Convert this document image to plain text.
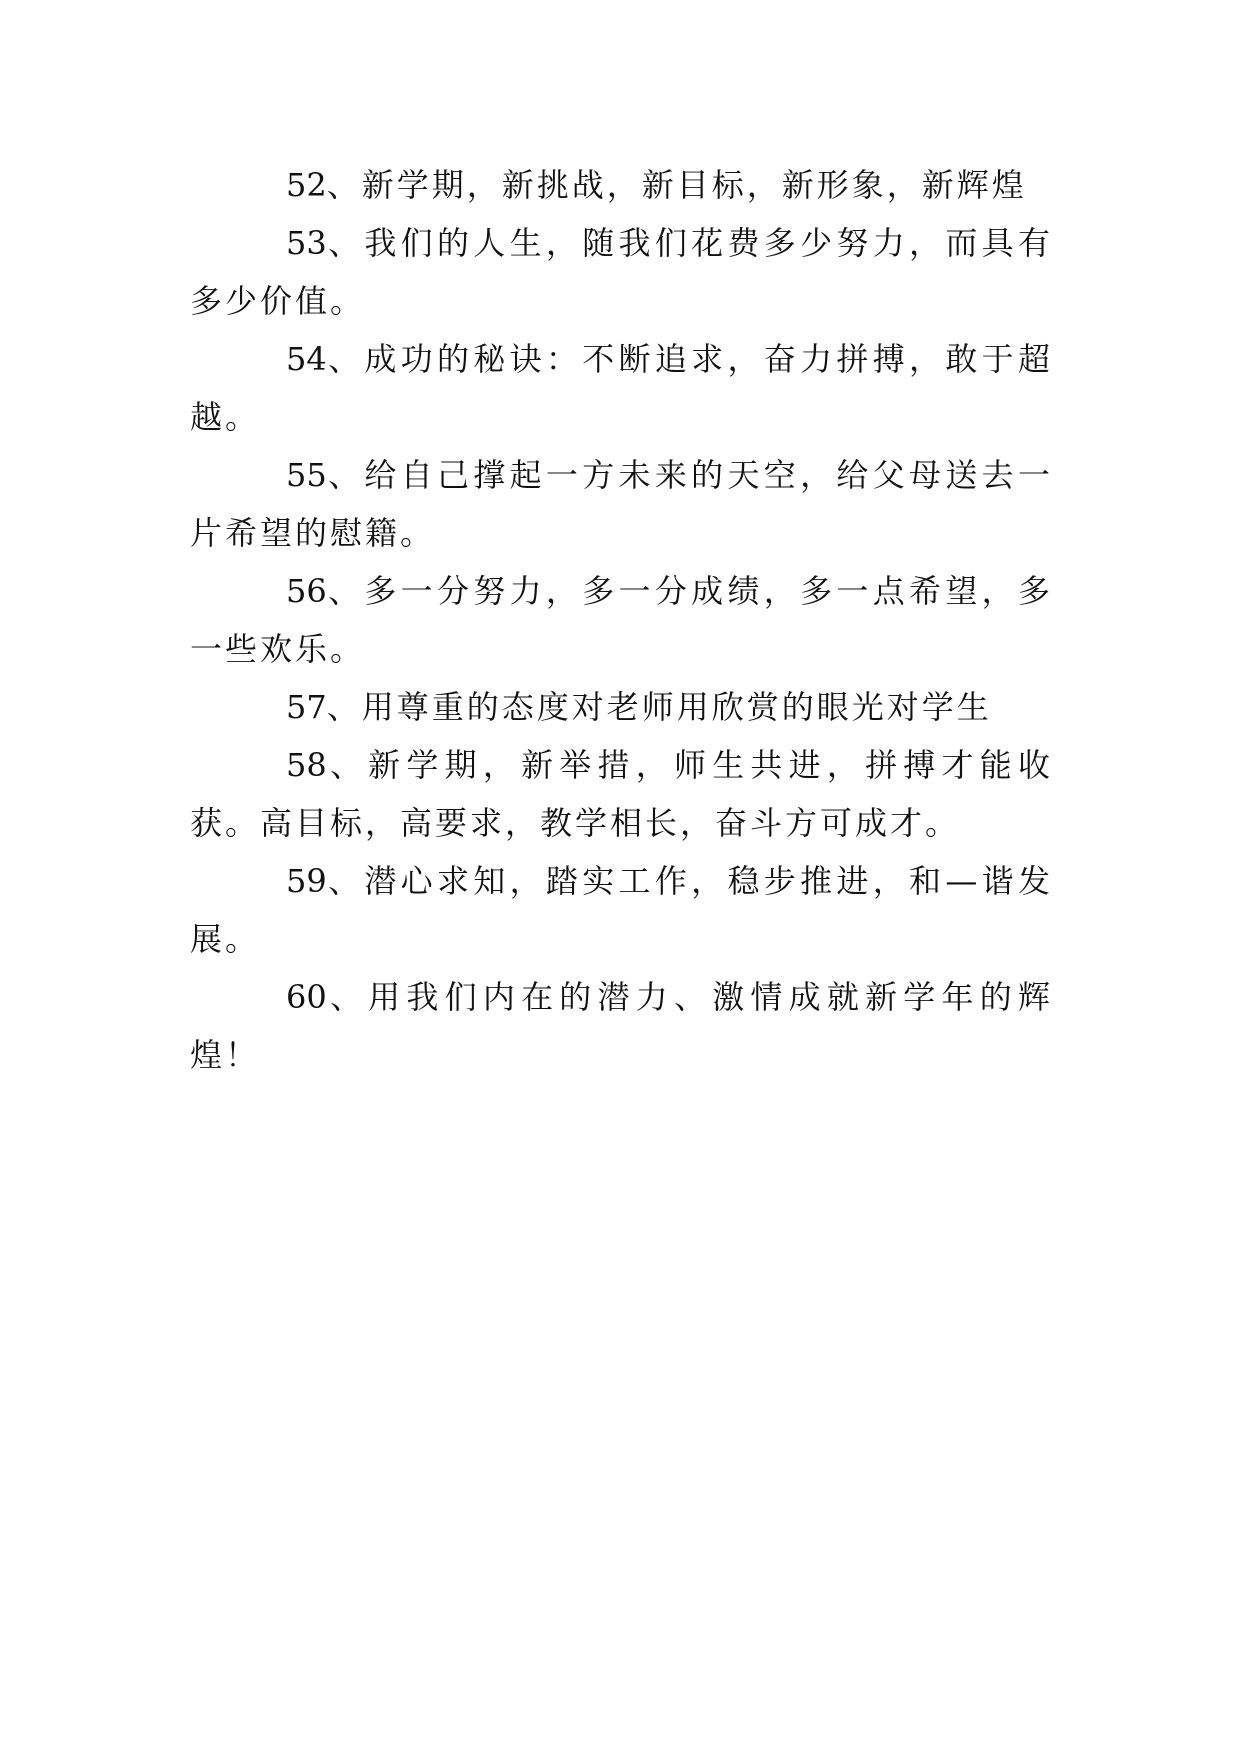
52、新学期，新挑战，新目标，新形象，新辉煌

53、我们的人生，随我们花费多少努力，而具有多少价值。

54、成功的秘诀：不断追求，奋力拼搏，敢于超越。

55、给自己撑起一方未来的天空，给父母送去一片希望的慰籍。

56、多一分努力，多一分成绩，多一点希望，多一些欢乐。

57、用尊重的态度对老师用欣赏的眼光对学生

58、新学期，新举措，师生共进，拼搏才能收获。高目标，高要求，教学相长，奋斗方可成才。

59、潜心求知，踏实工作，稳步推进，和—谐发展。

60、用我们内在的潜力、激情成就新学年的辉煌！
